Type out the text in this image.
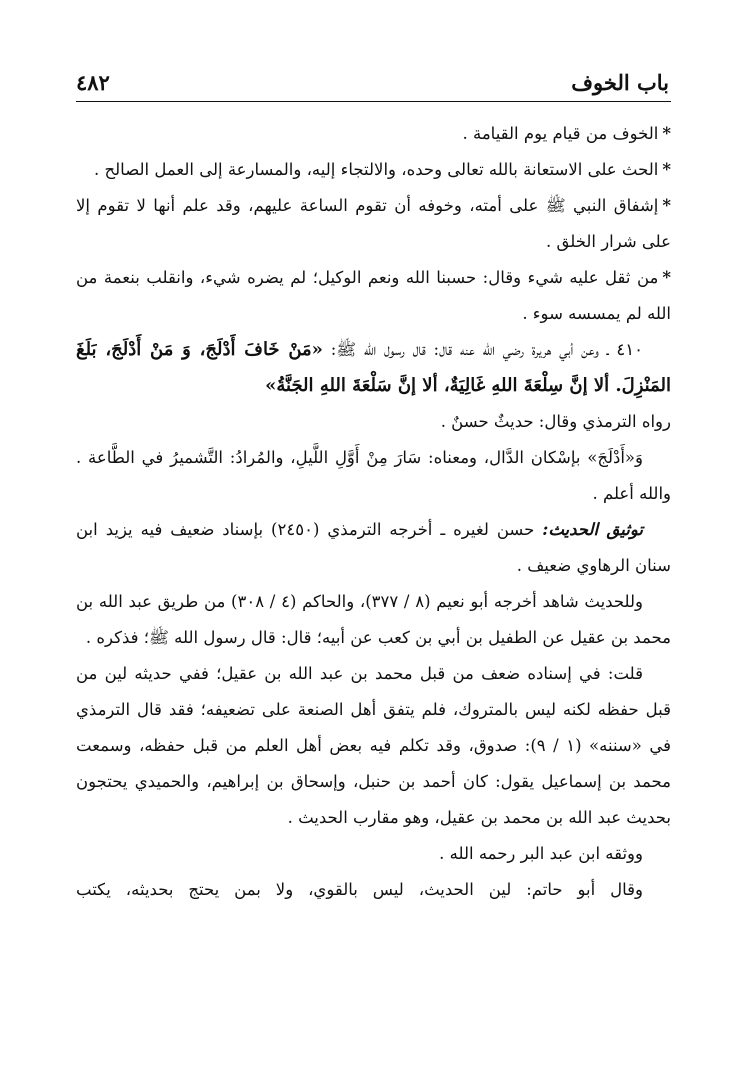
باب الخوف
٤٨٢

*الخوف من قيام يوم القيامة .

*الحث على الاستعانة بالله تعالى وحده، والالتجاء إليه، والمسارعة إلى العمل الصالح .

*إشفاق النبي ﷺ على أمته، وخوفه أن تقوم الساعة عليهم، وقد علم أنها لا تقوم إلا على شرار الخلق .

*من ثقل عليه شيء وقال: حسبنا الله ونعم الوكيل؛ لم يضره شيء، وانقلب بنعمة من الله لم يمسسه سوء .

٤١٠ ـ وعن أبي هريرة رضي الله عنه قال: قال رسول الله ﷺ: «مَنْ خَافَ أَدْلَجَ، وَ مَنْ أَدْلَجَ، بَلَغَ المَنْزِلَ. ألا إنَّ سِلْعَةَ اللهِ غَالِيَةٌ، ألا إنَّ سَلْعَةَ اللهِ الجَنَّةُ»

رواه الترمذي وقال: حديثٌ حسنٌ .

وَ«أَدْلَجَ» بإسْكان الدَّال، ومعناه: سَارَ مِنْ أَوَّلِ اللَّيلِ، والمُرادُ: التَّشميرُ في الطَّاعة . والله أعلم .

توثيق الحديث: حسن لغيره ـ أخرجه الترمذي (٢٤٥٠) بإسناد ضعيف فيه يزيد ابن سنان الرهاوي ضعيف .

وللحديث شاهد أخرجه أبو نعيم (٨ / ٣٧٧)، والحاكم (٤ / ٣٠٨) من طريق عبد الله بن محمد بن عقيل عن الطفيل بن أبي بن كعب عن أبيه؛ قال: قال رسول الله ﷺ؛ فذكره .

قلت: في إسناده ضعف من قبل محمد بن عبد الله بن عقيل؛ ففي حديثه لين من قبل حفظه لكنه ليس بالمتروك، فلم يتفق أهل الصنعة على تضعيفه؛ فقد قال الترمذي في «سننه» (١ / ٩): صدوق، وقد تكلم فيه بعض أهل العلم من قبل حفظه، وسمعت محمد بن إسماعيل يقول: كان أحمد بن حنبل، وإسحاق بن إبراهيم، والحميدي يحتجون بحديث عبد الله بن محمد بن عقيل، وهو مقارب الحديث .

ووثقه ابن عبد البر رحمه الله .

وقال أبو حاتم: لين الحديث، ليس بالقوي، ولا بمن يحتج بحديثه، يكتب
